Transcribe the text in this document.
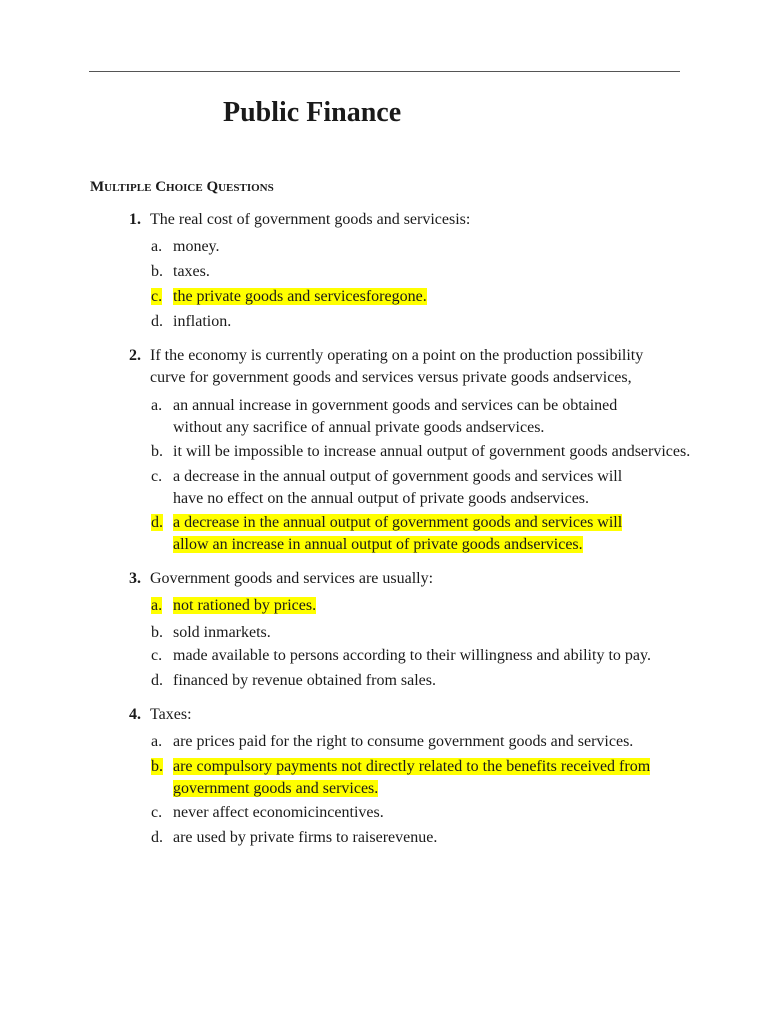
Public Finance
Multiple Choice Questions
1. The real cost of government goods and servicesis:
a. money.
b. taxes.
c. the private goods and servicesforegone.
d. inflation.
2. If the economy is currently operating on a point on the production possibility curve for government goods and services versus private goods andservices,
a. an annual increase in government goods and services can be obtained without any sacrifice of annual private goods andservices.
b. it will be impossible to increase annual output of government goods andservices.
c. a decrease in the annual output of government goods and services will have no effect on the annual output of private goods andservices.
d. a decrease in the annual output of government goods and services will allow an increase in annual output of private goods andservices.
3. Government goods and services are usually:
a. not rationed by prices.
b. sold inmarkets.
c. made available to persons according to their willingness and ability to pay.
d. financed by revenue obtained from sales.
4. Taxes:
a. are prices paid for the right to consume government goods and services.
b. are compulsory payments not directly related to the benefits received from government goods and services.
c. never affect economicincentives.
d. are used by private firms to raiserevenue.
